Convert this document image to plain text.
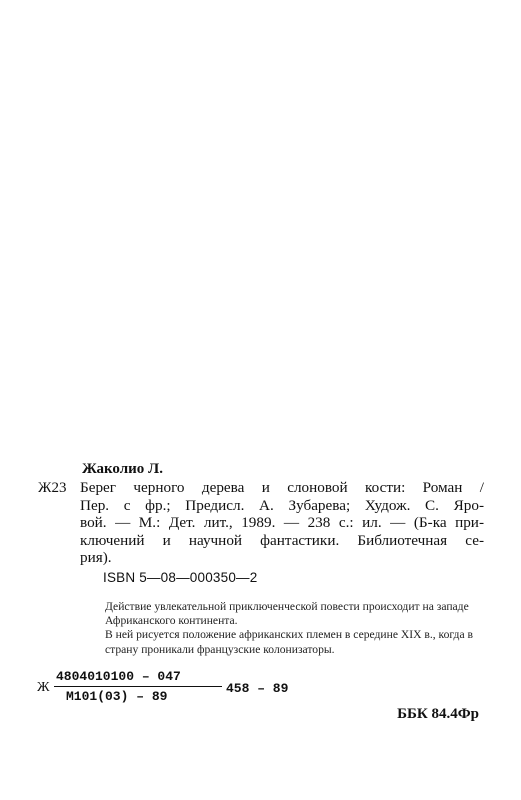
Жаколио Л.
Ж23 Берег черного дерева и слоновой кости: Роман /
Пер. с фр.; Предисл. А. Зубарева; Худож. С. Яро-
вой. — М.: Дет. лит., 1989. — 238 с.: ил. — (Б-ка при-
ключений и научной фантастики. Библиотечная се-
рия).
ISBN 5—08—000350—2
Действие увлекательной приключенческой повести происходит на западе Африканского континента.
В ней рисуется положение африканских племен в середине XIX в., когда в страну проникали французские колонизаторы.
Ж
4804010100 – 047
М101(03) – 89
458 – 89
ББК 84.4Фр
